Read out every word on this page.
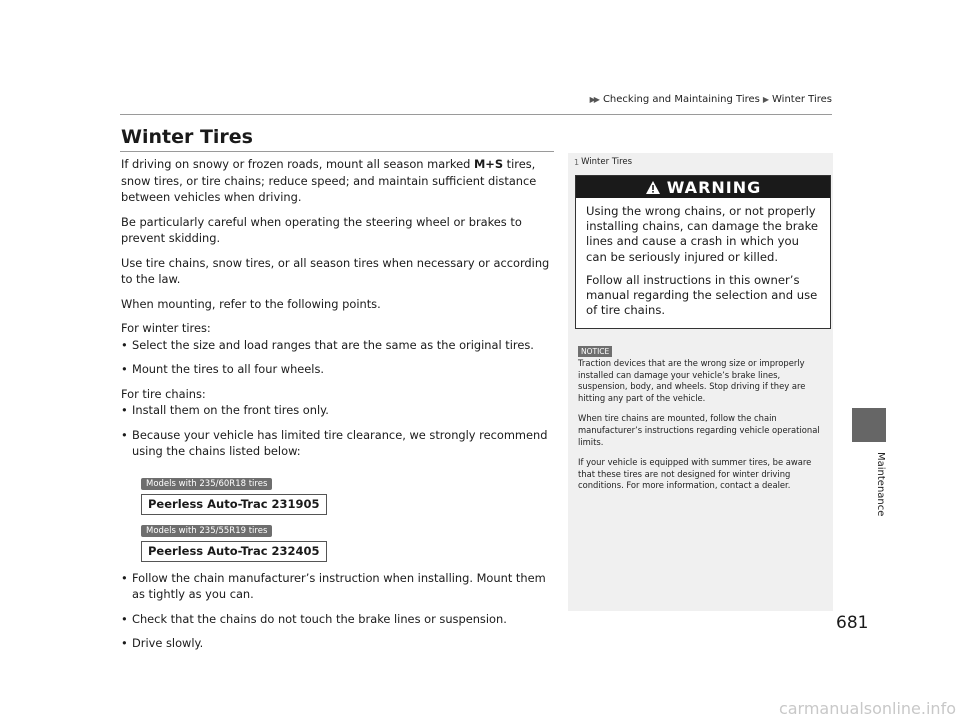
▶▶ Checking and Maintaining Tires ▶ Winter Tires
Winter Tires

If driving on snowy or frozen roads, mount all season marked M+S tires, snow tires, or tire chains; reduce speed; and maintain sufficient distance between vehicles when driving.

Be particularly careful when operating the steering wheel or brakes to prevent skidding.

Use tire chains, snow tires, or all season tires when necessary or according to the law.

When mounting, refer to the following points.

For winter tires:

• Select the size and load ranges that are the same as the original tires.

• Mount the tires to all four wheels.

For tire chains:

• Install them on the front tires only.

• Because your vehicle has limited tire clearance, we strongly recommend using the chains listed below:

Models with 235/60R18 tires
Peerless Auto-Trac 231905
Models with 235/55R19 tires
Peerless Auto-Trac 232405

• Follow the chain manufacturer’s instruction when installing. Mount them as tightly as you can.

• Check that the chains do not touch the brake lines or suspension.

• Drive slowly.

1 Winter Tires
WARNING

Using the wrong chains, or not properly installing chains, can damage the brake lines and cause a crash in which you can be seriously injured or killed.

Follow all instructions in this owner’s manual regarding the selection and use of tire chains.

NOTICE

Traction devices that are the wrong size or improperly installed can damage your vehicle’s brake lines, suspension, body, and wheels. Stop driving if they are hitting any part of the vehicle.

When tire chains are mounted, follow the chain manufacturer’s instructions regarding vehicle operational limits.

If your vehicle is equipped with summer tires, be aware that these tires are not designed for winter driving conditions. For more information, contact a dealer.	Maintenance
681
carmanualsonline.info
